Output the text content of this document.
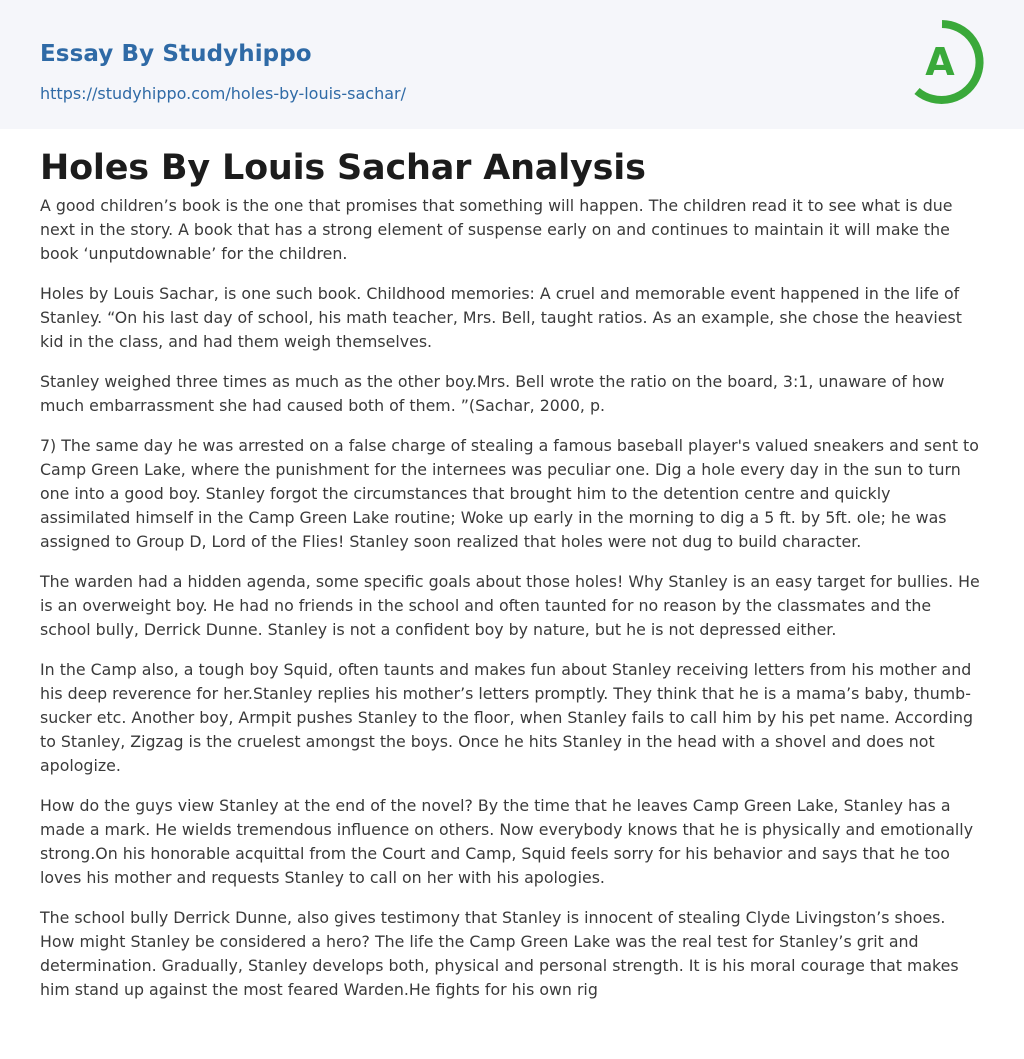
Essay By Studyhippo
https://studyhippo.com/holes-by-louis-sachar/
A
Holes By Louis Sachar Analysis

A good children’s book is the one that promises that something will happen. The children read it to see what is due next in the story. A book that has a strong element of suspense early on and continues to maintain it will make the book ‘unputdownable’ for the children.

Holes by Louis Sachar, is one such book. Childhood memories: A cruel and memorable event happened in the life of Stanley. “On his last day of school, his math teacher, Mrs. Bell, taught ratios. As an example, she chose the heaviest kid in the class, and had them weigh themselves.

Stanley weighed three times as much as the other boy.Mrs. Bell wrote the ratio on the board, 3:1, unaware of how much embarrassment she had caused both of them. ”(Sachar, 2000, p.

7) The same day he was arrested on a false charge of stealing a famous baseball player's valued sneakers and sent to Camp Green Lake, where the punishment for the internees was peculiar one. Dig a hole every day in the sun to turn one into a good boy. Stanley forgot the circumstances that brought him to the detention centre and quickly assimilated himself in the Camp Green Lake routine; Woke up early in the morning to dig a 5 ft. by 5ft. ole; he was assigned to Group D, Lord of the Flies! Stanley soon realized that holes were not dug to build character.

The warden had a hidden agenda, some specific goals about those holes! Why Stanley is an easy target for bullies. He is an overweight boy. He had no friends in the school and often taunted for no reason by the classmates and the school bully, Derrick Dunne. Stanley is not a confident boy by nature, but he is not depressed either.

In the Camp also, a tough boy Squid, often taunts and makes fun about Stanley receiving letters from his mother and his deep reverence for her.Stanley replies his mother’s letters promptly. They think that he is a mama’s baby, thumb-sucker etc. Another boy, Armpit pushes Stanley to the floor, when Stanley fails to call him by his pet name. According to Stanley, Zigzag is the cruelest amongst the boys. Once he hits Stanley in the head with a shovel and does not apologize.

How do the guys view Stanley at the end of the novel? By the time that he leaves Camp Green Lake, Stanley has a made a mark. He wields tremendous influence on others. Now everybody knows that he is physically and emotionally strong.On his honorable acquittal from the Court and Camp, Squid feels sorry for his behavior and says that he too loves his mother and requests Stanley to call on her with his apologies.

The school bully Derrick Dunne, also gives testimony that Stanley is innocent of stealing Clyde Livingston’s shoes. How might Stanley be considered a hero? The life the Camp Green Lake was the real test for Stanley’s grit and determination. Gradually, Stanley develops both, physical and personal strength. It is his moral courage that makes him stand up against the most feared Warden.He fights for his own rig
